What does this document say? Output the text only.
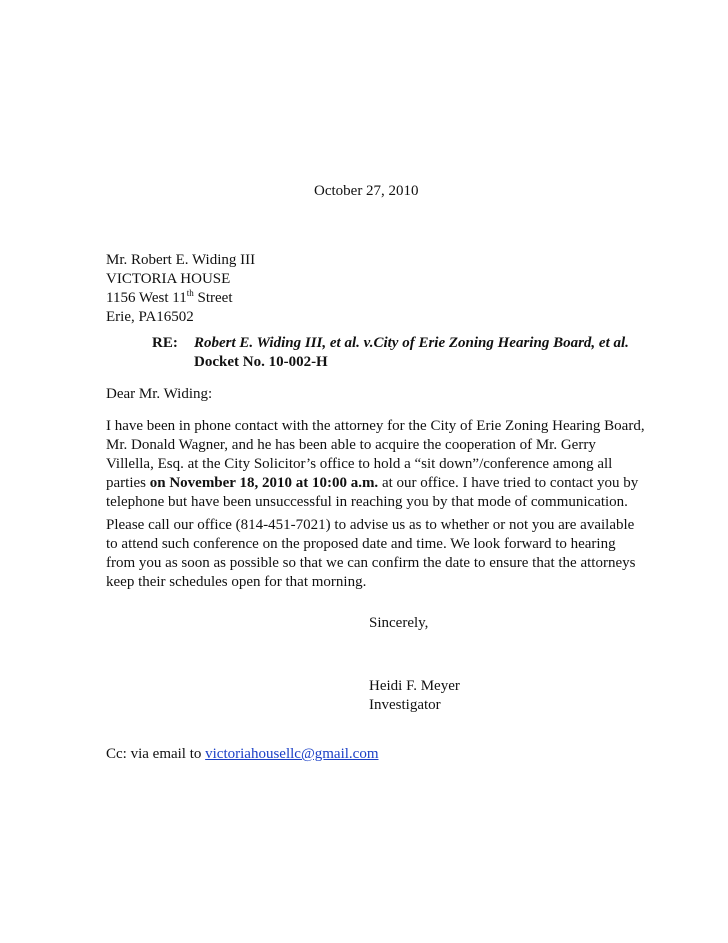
October 27, 2010
Mr. Robert E. Widing III
VICTORIA HOUSE
1156 West 11th Street
Erie, PA16502
RE: Robert E. Widing III, et al. v.City of Erie Zoning Hearing Board, et al.
Docket No. 10-002-H
Dear Mr. Widing:
I have been in phone contact with the attorney for the City of Erie Zoning Hearing Board,
Mr. Donald Wagner, and he has been able to acquire the cooperation of Mr. Gerry
Villella, Esq. at the City Solicitor’s office to hold a “sit down”/conference among all
parties on November 18, 2010 at 10:00 a.m. at our office. I have tried to contact you by
telephone but have been unsuccessful in reaching you by that mode of communication.
Please call our office (814-451-7021) to advise us as to whether or not you are available
to attend such conference on the proposed date and time. We look forward to hearing
from you as soon as possible so that we can confirm the date to ensure that the attorneys
keep their schedules open for that morning.
Sincerely,
Heidi F. Meyer
Investigator
Cc: via email to victoriahousellc@gmail.com
